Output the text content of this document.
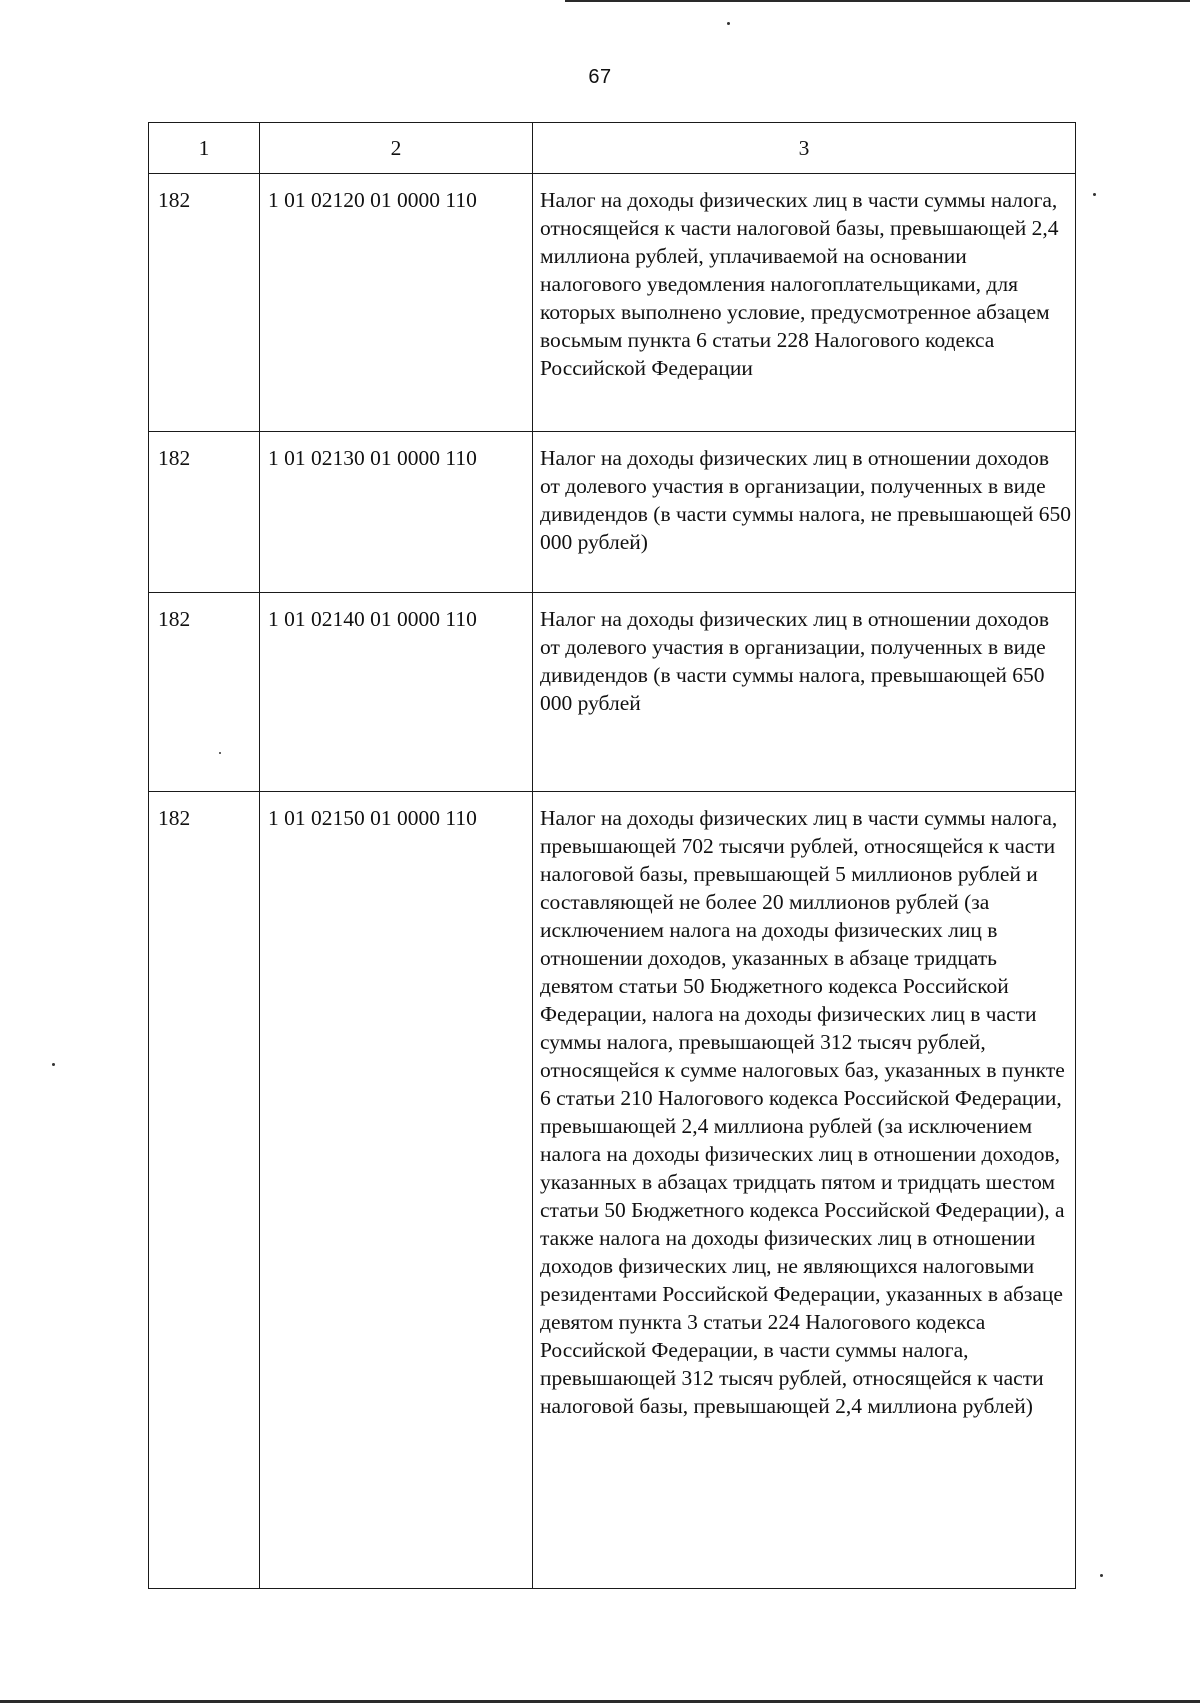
67
1	2	3
182	1 01 02120 01 0000 110	Налог на доходы физических лиц в части суммы налога, относящейся к части налоговой базы, превышающей 2,4 миллиона рублей, уплачиваемой на основании налогового уведомления налогоплательщиками, для которых выполнено условие, предусмотренное абзацем восьмым пункта 6 статьи 228 Налогового кодекса Российской Федерации
182	1 01 02130 01 0000 110	Налог на доходы физических лиц в отношении доходов от долевого участия в организации, полученных в виде дивидендов (в части суммы налога, не превышающей 650 000 рублей)
182	1 01 02140 01 0000 110	Налог на доходы физических лиц в отношении доходов от долевого участия в организации, полученных в виде дивидендов (в части суммы налога, превышающей 650 000 рублей
182	1 01 02150 01 0000 110	Налог на доходы физических лиц в части суммы налога, превышающей 702 тысячи рублей, относящейся к части налоговой базы, превышающей 5 миллионов рублей и составляющей не более 20 миллионов рублей (за исключением налога на доходы физических лиц в отношении доходов, указанных в абзаце тридцать девятом статьи 50 Бюджетного кодекса Российской Федерации, налога на доходы физических лиц в части суммы налога, превышающей 312 тысяч рублей, относящейся к сумме налоговых баз, указанных в пункте 6 статьи 210 Налогового кодекса Российской Федерации, превышающей 2,4 миллиона рублей (за исключением налога на доходы физических лиц в отношении доходов, указанных в абзацах тридцать пятом и тридцать шестом статьи 50 Бюджетного кодекса Российской Федерации), а также налога на доходы физических лиц в отношении доходов физических лиц, не являющихся налоговыми резидентами Российской Федерации, указанных в абзаце девятом пункта 3 статьи 224 Налогового кодекса Российской Федерации, в части суммы налога, превышающей 312 тысяч рублей, относящейся к части налоговой базы, превышающей 2,4 миллиона рублей)
